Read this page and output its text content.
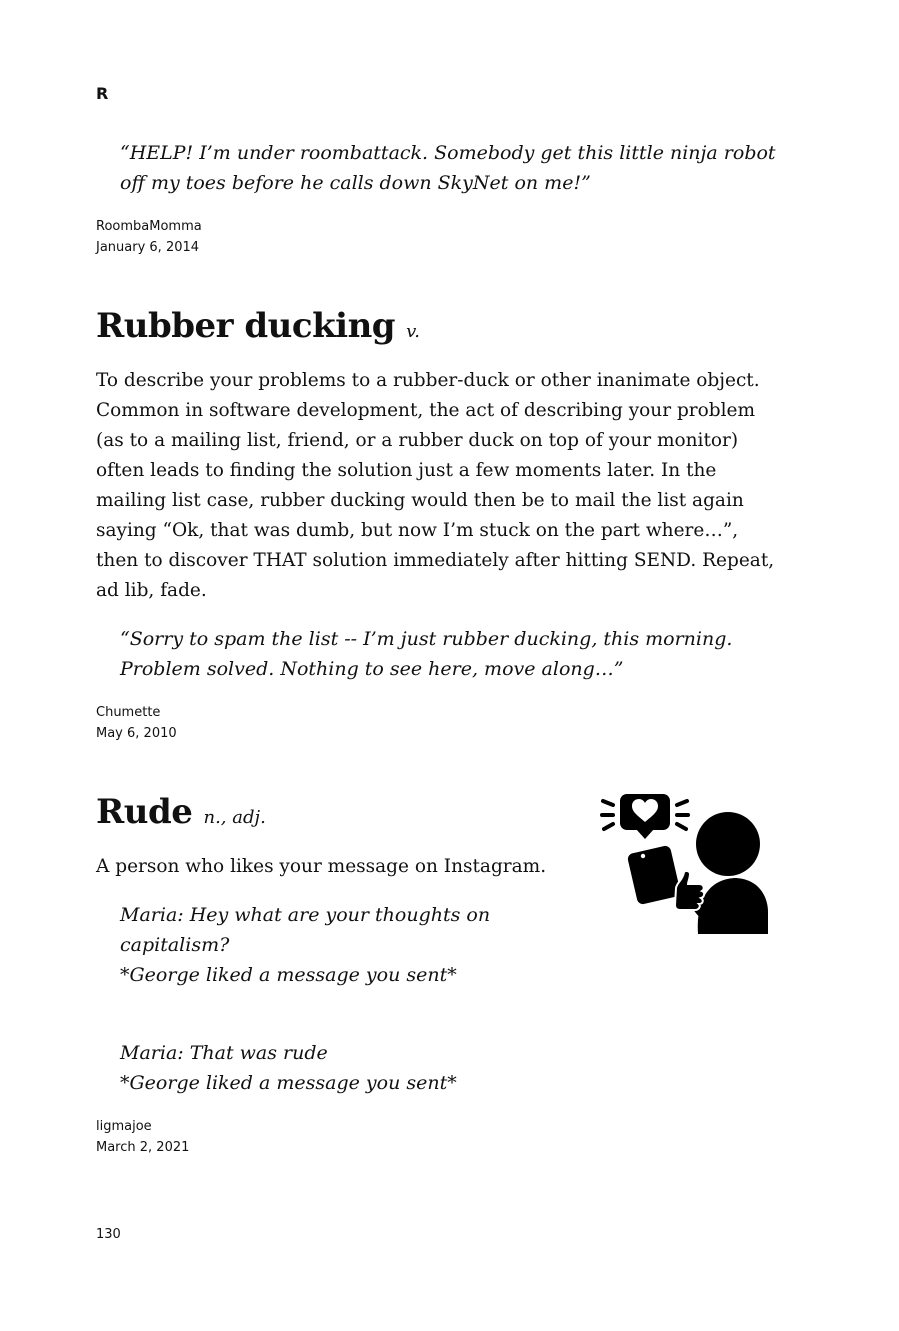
R
“HELP! I’m under roombattack. Somebody get this little ninja robot
off my toes before he calls down SkyNet on me!”
RoombaMomma
January 6, 2014
Rubber ducking v.
To describe your problems to a rubber-duck or other inanimate object. Common in software development, the act of describing your problem (as to a mailing list, friend, or a rubber duck on top of your monitor) often leads to finding the solution just a few moments later. In the mailing list case, rubber ducking would then be to mail the list again saying “Ok, that was dumb, but now I’m stuck on the part where…”, then to discover THAT solution immediately after hitting SEND. Repeat, ad lib, fade.
“Sorry to spam the list -- I’m just rubber ducking, this morning.
Problem solved. Nothing to see here, move along…”
Chumette
May 6, 2010
Rude n., adj.
A person who likes your message on Instagram.
Maria: Hey what are your thoughts on
capitalism?
*George liked a message you sent*
Maria: That was rude
*George liked a message you sent*
ligmajoe
March 2, 2021
130
